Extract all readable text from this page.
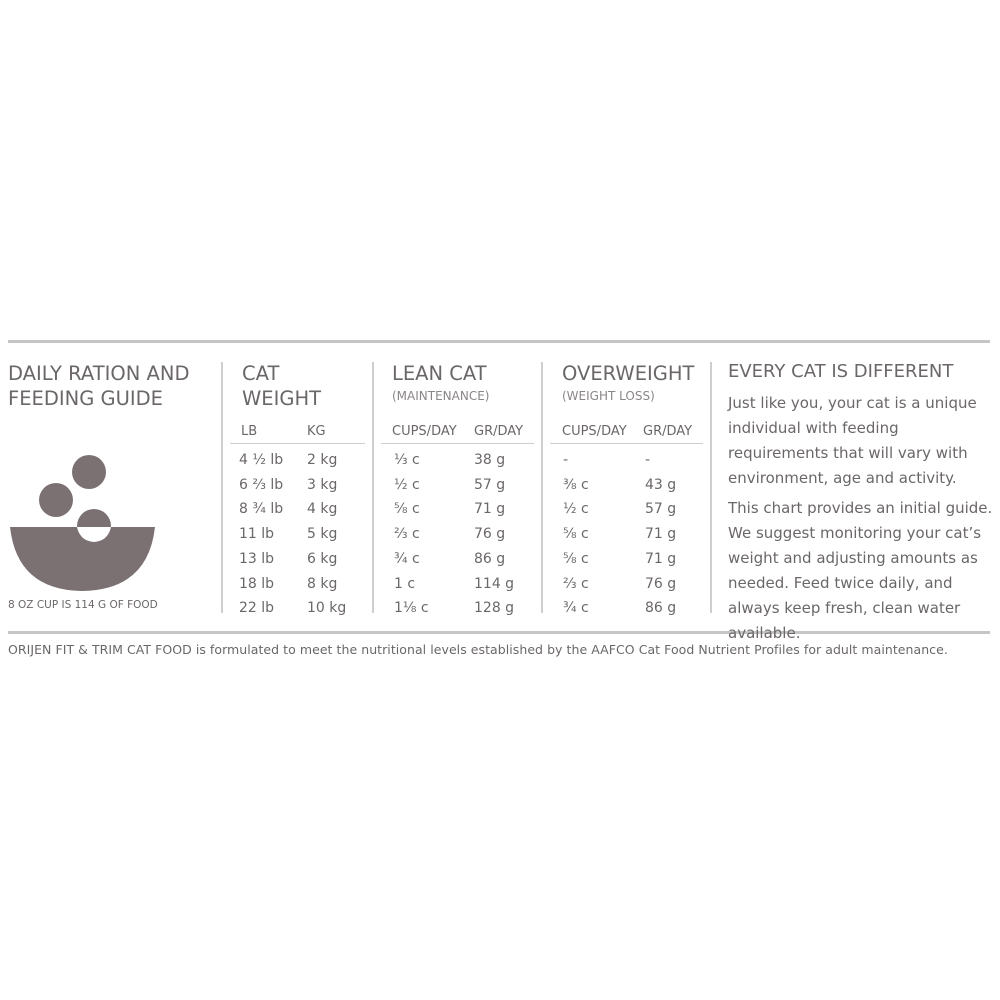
DAILY RATION AND
FEEDING GUIDE
8 OZ CUP IS 114 G OF FOOD
CAT
WEIGHT
LB	KG
LEAN CAT
(MAINTENANCE)
CUPS/DAY GR/DAY
OVERWEIGHT
(WEIGHT LOSS)
CUPS/DAY GR/DAY
4 ½ lb 2 kg	⅓ c	38 g	-	-
6 ⅔ lb 3 kg	½ c	57 g	⅜ c	43 g
8 ¾ lb 4 kg	⅝ c	71 g	½ c	57 g
11 lb 5 kg	⅔ c	76 g	⅝ c	71 g
13 lb 6 kg	¾ c	86 g	⅝ c	71 g
18 lb 8 kg	1 c	114 g	⅔ c	76 g
22 lb 10 kg	1⅛ c	128 g	¾ c	86 g
EVERY CAT IS DIFFERENT
Just like you, your cat is a unique individual with feeding requirements that will vary with environment, age and activity.
This chart provides an initial guide. We suggest monitoring your cat’s weight and adjusting amounts as needed. Feed twice daily, and always keep fresh, clean water available.
ORIJEN FIT & TRIM CAT FOOD is formulated to meet the nutritional levels established by the AAFCO Cat Food Nutrient Profiles for adult maintenance.
